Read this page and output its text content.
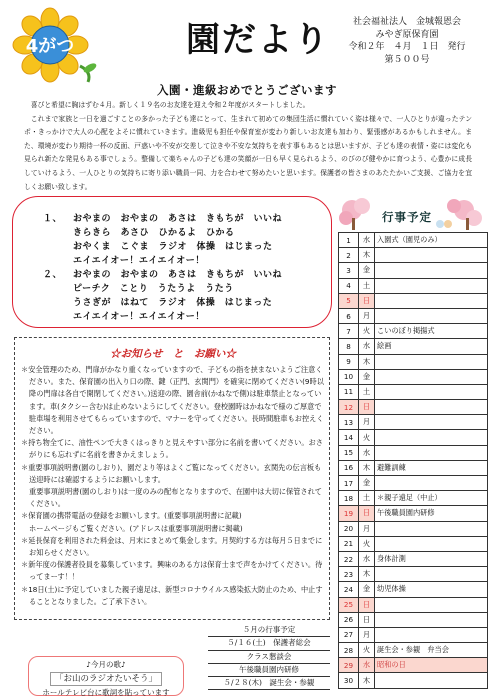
4がつ	園だより	社会福祉法人　金城報恩会
みやぎ原保育園
令和２年　４月　１日　発行
第５００号
入園・進級おめでとうございます

喜びと希望に胸はずむ４月。新しく１９名のお友達を迎え令和２年度がスタートしました。

これまで家族と一日を過ごすことの多かった子ども達にとって、生まれて初めての集団生活に慣れていく姿は様々で、一人ひとりが違ったテンポ・きっかけで大人の心配をよそに慣れていきます。進級児も担任や保育室が変わり新しいお友達も加わり、緊張感があるかもしれません。また、環境が変わり期待一杯の反面、戸惑いや不安が交差して泣きや不安な気持ちを表す事もあるとは思いますが、子ども達の表情・姿には変化も見られ新たな発見もある事でしょう。整備して楽ちゃんの子ども達の笑顔が一日も早く見られるよう、のびのび健やかに育つよう、心豊かに成長していけるよう、一人ひとりの気持ちに寄り添い職員一同、力を合わせて努めたいと思います。保護者の皆さまのあたたかいご支援、ご協力を宜しくお願い致します。

１、 おやまの　おやまの　あさは　きもちが　いいね
きらきら　あさひ　ひかるよ　ひかる
おやくま　こぐま　ラジオ　体操　はじまった
エイエイオー！エイエイオー！
２、 おやまの　おやまの　あさは　きもちが　いいね
ピーチク　ことり　うたうよ　うたう
うさぎが　はねて　ラジオ　体操　はじまった
エイエイオー！エイエイオー！
☆お知らせ　と　お願い☆

＊安全管理のため、門扉がかなり重くなっていますので、子どもの指を挟まないようご注意ください。また、保育園の出入り口の際、鍵（正門、玄関門）を確実に閉めてください(9時以降の門扉は各自で開閉してください。)送迎の際、園舎前(かねなで側)は駐車禁止となっています。車(タクシー含む)は止めないようにしてください。登校園時はかねなで様のご厚意で駐車場を利用させてもらっていますので、マナーを守ってください。長時間駐車もお控えください。

＊持ち物全てに、油性ペンで大きくはっきりと見えやすい部分に名前を書いてください。おさがりにも忘れずに名前を書きかえましょう。

＊重要事項説明書(園のしおり)、園だより等はよくご覧になってください。玄関先の伝言板も送迎時には確認するようにお願いします。

重要事項説明書(園のしおり)は一度のみの配布となりますので、在園中は大切に保管されてください。

＊保育園の携帯電話の登録をお願いします。(重要事項説明書に記載)

ホームページもご覧ください。(アドレスは重要事項説明書に掲載)

＊延長保育を利用された料金は、月末にまとめて集金します。月契約する方は毎月５日までにお知らせください。

＊新年度の保護者役員を募集しています。興味のある方は保育士まで声をかけてください。待ってまーす！！

＊18日(土)に予定していました親子遠足は、新型コロナウイルス感染拡大防止のため、中止することとなりました。ご了承下さい。

♪今月の歌♪
「お山のラジオたいそう」
ホールテレビ台に歌詞を貼っています
５月の行事予定
５/１６(土)　保護者総会
クラス懇談会
午後職員園内研修
５/２８(木)　誕生会・参観
行事予定
1	水	入園式（園児のみ）
2	木	
3	金	
4	土	
5	日	
6	月	
7	火	こいのぼり掲揚式
8	水	絵画
9	木	
10	金	
11	土	
12	日	
13	月	
14	火	
15	水	
16	木	避難訓練
17	金	
18	土	＊親子遠足（中止）
19	日	午後職員園内研修
20	月	
21	火	
22	水	身体計測
23	木	
24	金	幼児体操
25	日	
26	日	
27	月	
28	火	誕生会・参観　弁当会
29	水	昭和の日
30	木	
